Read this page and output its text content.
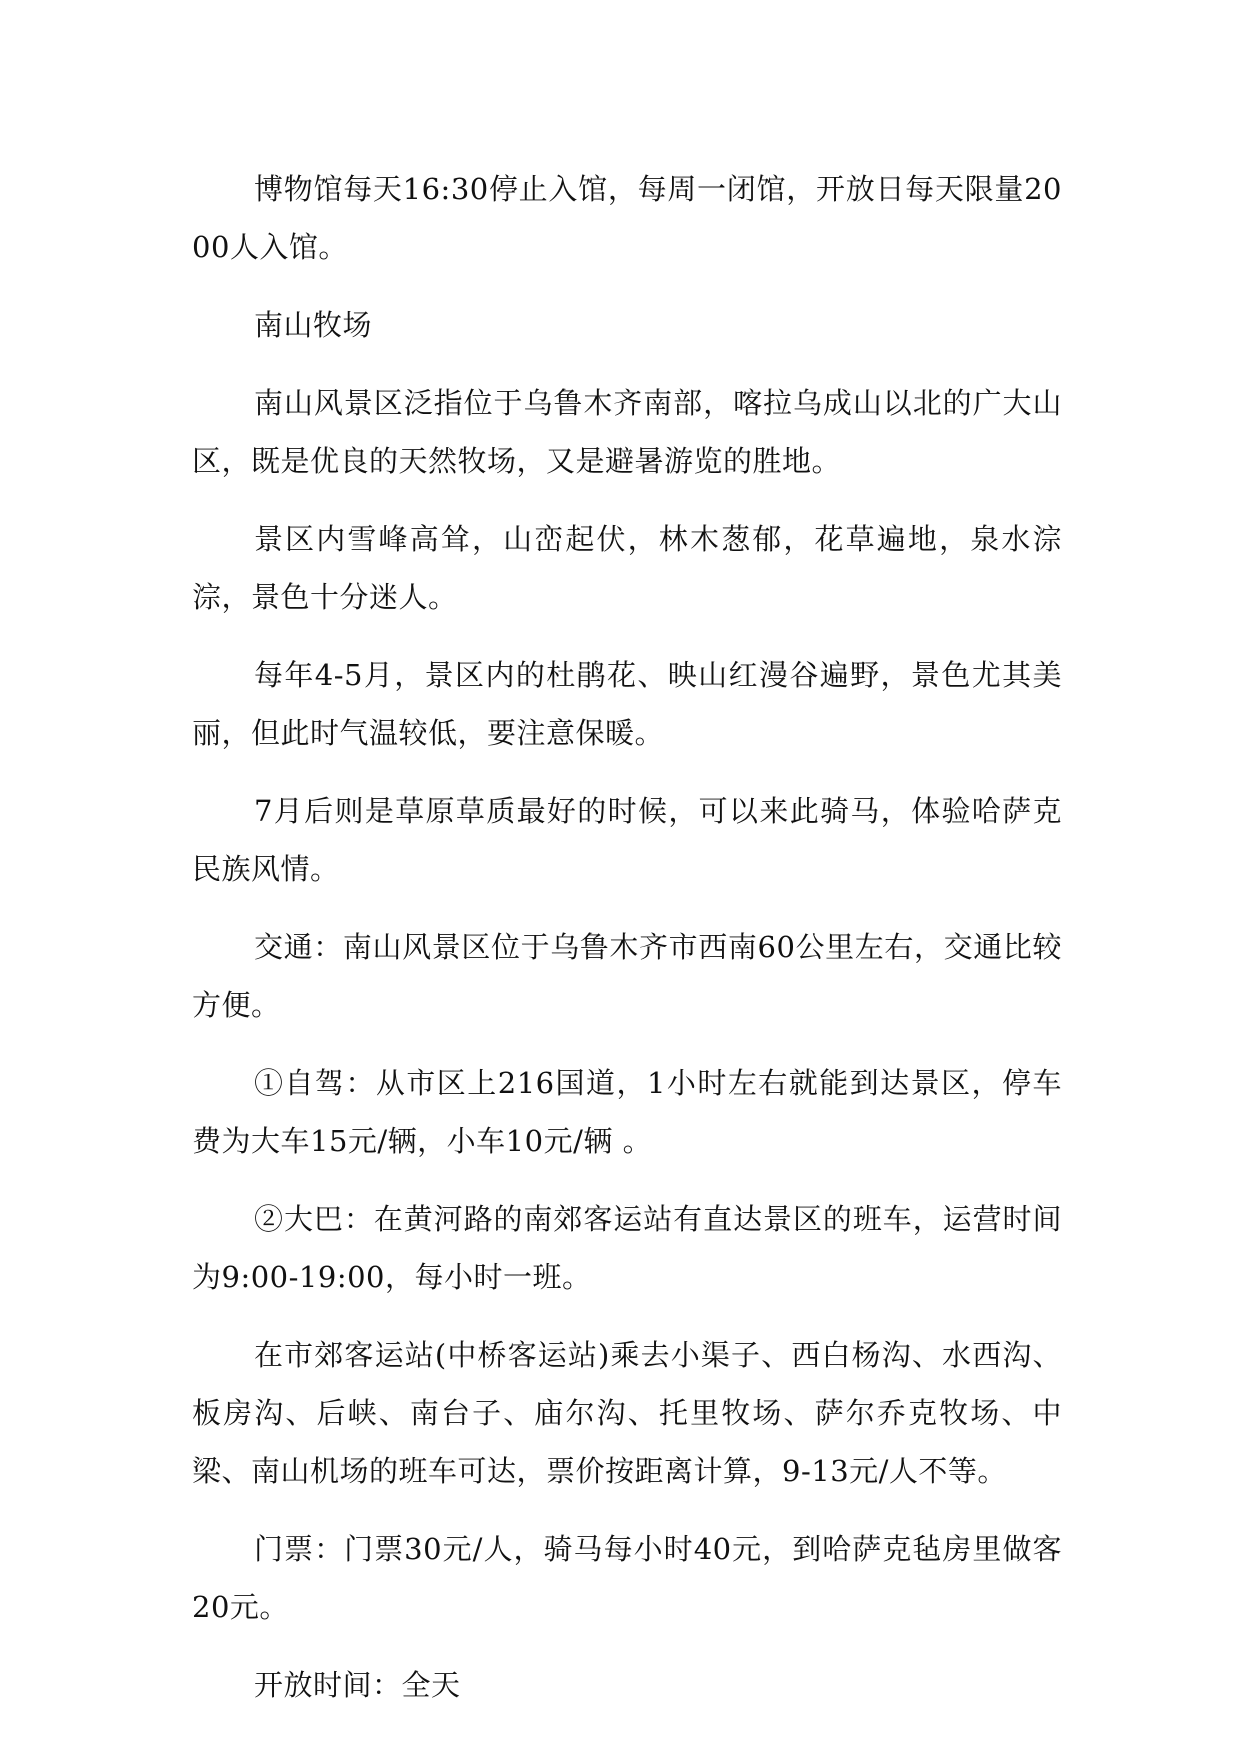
博物馆每天16:30停止入馆，每周一闭馆，开放日每天限量2000人入馆。

南山牧场

南山风景区泛指位于乌鲁木齐南部，喀拉乌成山以北的广大山区，既是优良的天然牧场，又是避暑游览的胜地。

景区内雪峰高耸，山峦起伏，林木葱郁，花草遍地，泉水淙淙，景色十分迷人。

每年4-5月，景区内的杜鹃花、映山红漫谷遍野，景色尤其美丽，但此时气温较低，要注意保暖。

7月后则是草原草质最好的时候，可以来此骑马，体验哈萨克民族风情。

交通：南山风景区位于乌鲁木齐市西南60公里左右，交通比较方便。

①自驾：从市区上216国道，1小时左右就能到达景区，停车费为大车15元/辆，小车10元/辆 。

②大巴：在黄河路的南郊客运站有直达景区的班车，运营时间为9:00-19:00，每小时一班。

在市郊客运站(中桥客运站)乘去小渠子、西白杨沟、水西沟、板房沟、后峡、南台子、庙尔沟、托里牧场、萨尔乔克牧场、中梁、南山机场的班车可达，票价按距离计算，9-13元/人不等。

门票：门票30元/人，骑马每小时40元，到哈萨克毡房里做客20元。

开放时间：全天
